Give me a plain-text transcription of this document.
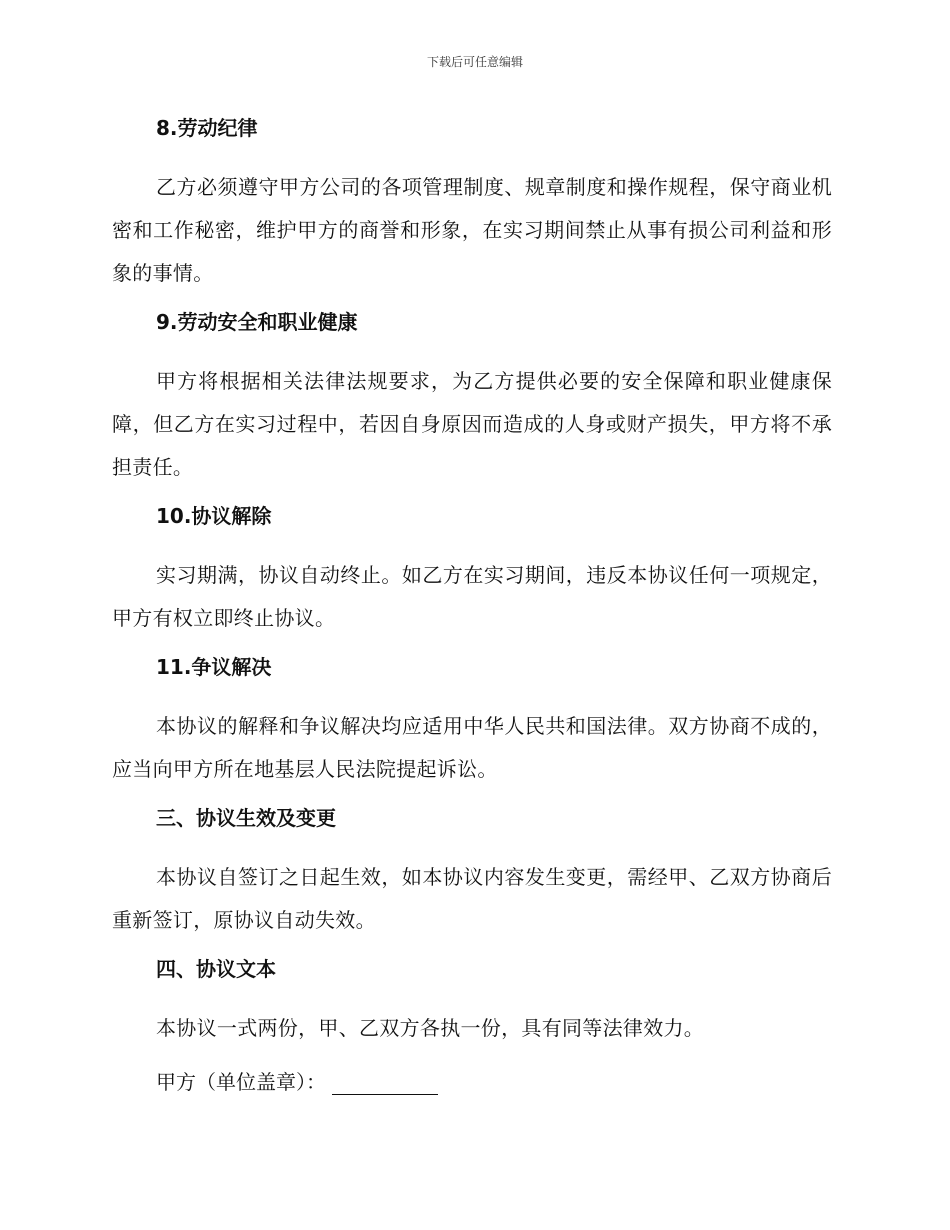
下载后可任意编辑
8.劳动纪律
乙方必须遵守甲方公司的各项管理制度、规章制度和操作规程，保守商业机密和工作秘密，维护甲方的商誉和形象，在实习期间禁止从事有损公司利益和形象的事情。
9.劳动安全和职业健康
甲方将根据相关法律法规要求，为乙方提供必要的安全保障和职业健康保障，但乙方在实习过程中，若因自身原因而造成的人身或财产损失，甲方将不承担责任。
10.协议解除
实习期满，协议自动终止。如乙方在实习期间，违反本协议任何一项规定，甲方有权立即终止协议。
11.争议解决
本协议的解释和争议解决均应适用中华人民共和国法律。双方协商不成的，应当向甲方所在地基层人民法院提起诉讼。
三、协议生效及变更
本协议自签订之日起生效，如本协议内容发生变更，需经甲、乙双方协商后重新签订，原协议自动失效。
四、协议文本
本协议一式两份，甲、乙双方各执一份，具有同等法律效力。
甲方（单位盖章）：
